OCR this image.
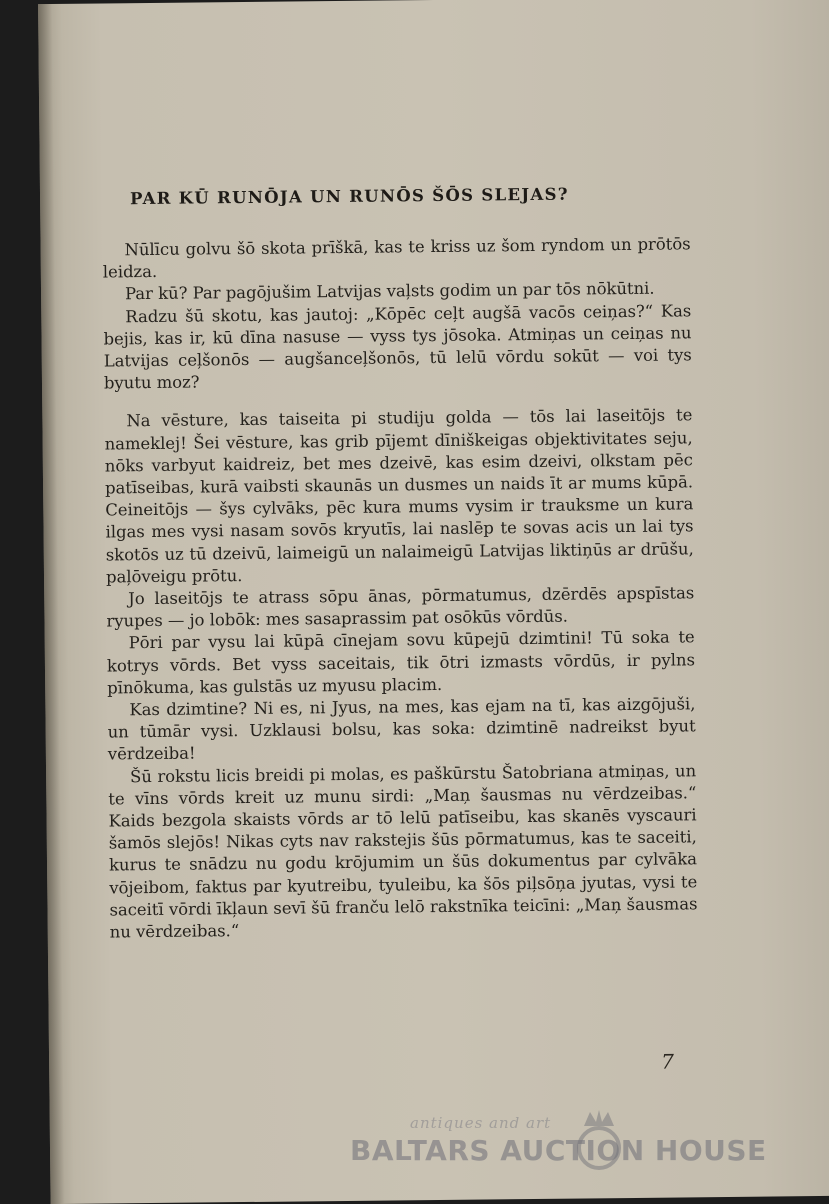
PAR KŪ RUNŌJA UN RUNŌS ŠŌS SLEJAS?

Nūlīcu golvu šō skota prīškā, kas te kriss uz šom ryndom un prōtōs leidza.

Par kū? Par pagōjušim Latvijas vaļsts godim un par tōs nōkūtni.

Radzu šū skotu, kas jautoj: „Kōpēc ceļt augšā vacōs ceiņas?“ Kas bejis, kas ir, kū dīna nasuse — vyss tys jōsoka. Atmiņas un ceiņas nu Latvijas ceļšonōs — augšanceļšonōs, tū lelū vōrdu sokūt — voi tys byutu moz?

Na vēsture, kas taiseita pi studiju golda — tōs lai laseitōjs te nameklej! Šei vēsture, kas grib pījemt dīniškeigas objektivitates seju, nōks varbyut kaidreiz, bet mes dzeivē, kas esim dzeivi, olkstam pēc patīseibas, kurā vaibsti skaunās un dusmes un naids īt ar mums kūpā. Ceineitōjs — šys cylvāks, pēc kura mums vysim ir trauksme un kura ilgas mes vysi nasam sovōs kryutīs, lai naslēp te sovas acis un lai tys skotōs uz tū dzeivū, laimeigū un nalaimeigū Latvijas liktiņūs ar drūšu, paļōveigu prōtu.

Jo laseitōjs te atrass sōpu ānas, pōrmatumus, dzērdēs apspīstas ryupes — jo lobōk: mes sasaprassim pat osōkūs vōrdūs.

Pōri par vysu lai kūpā cīnejam sovu kūpejū dzimtini! Tū soka te kotrys vōrds. Bet vyss saceitais, tik ōtri izmasts vōrdūs, ir pylns pīnōkuma, kas gulstās uz myusu placim.

Kas dzimtine? Ni es, ni Jyus, na mes, kas ejam na tī, kas aizgōjuši, un tūmār vysi. Uzklausi bolsu, kas soka: dzimtinē nadreikst byut vērdzeiba!

Šū rokstu licis breidi pi molas, es paškūrstu Šatobriana atmiņas, un te vīns vōrds kreit uz munu sirdi: „Maņ šausmas nu vērdzeibas.“ Kaids bezgola skaists vōrds ar tō lelū patīseibu, kas skanēs vyscauri šamōs slejōs! Nikas cyts nav rakstejis šūs pōrmatumus, kas te saceiti, kurus te snādzu nu godu krōjumim un šūs dokumentus par cylvāka vōjeibom, faktus par kyutreibu, tyuleibu, ka šōs piļsōņa jyutas, vysi te saceitī vōrdi īkļaun sevī šū franču lelō rakstnīka teicīni: „Maņ šausmas nu vērdzeibas.“

7
antiques and art
BALTARS AUCTION HOUSE
